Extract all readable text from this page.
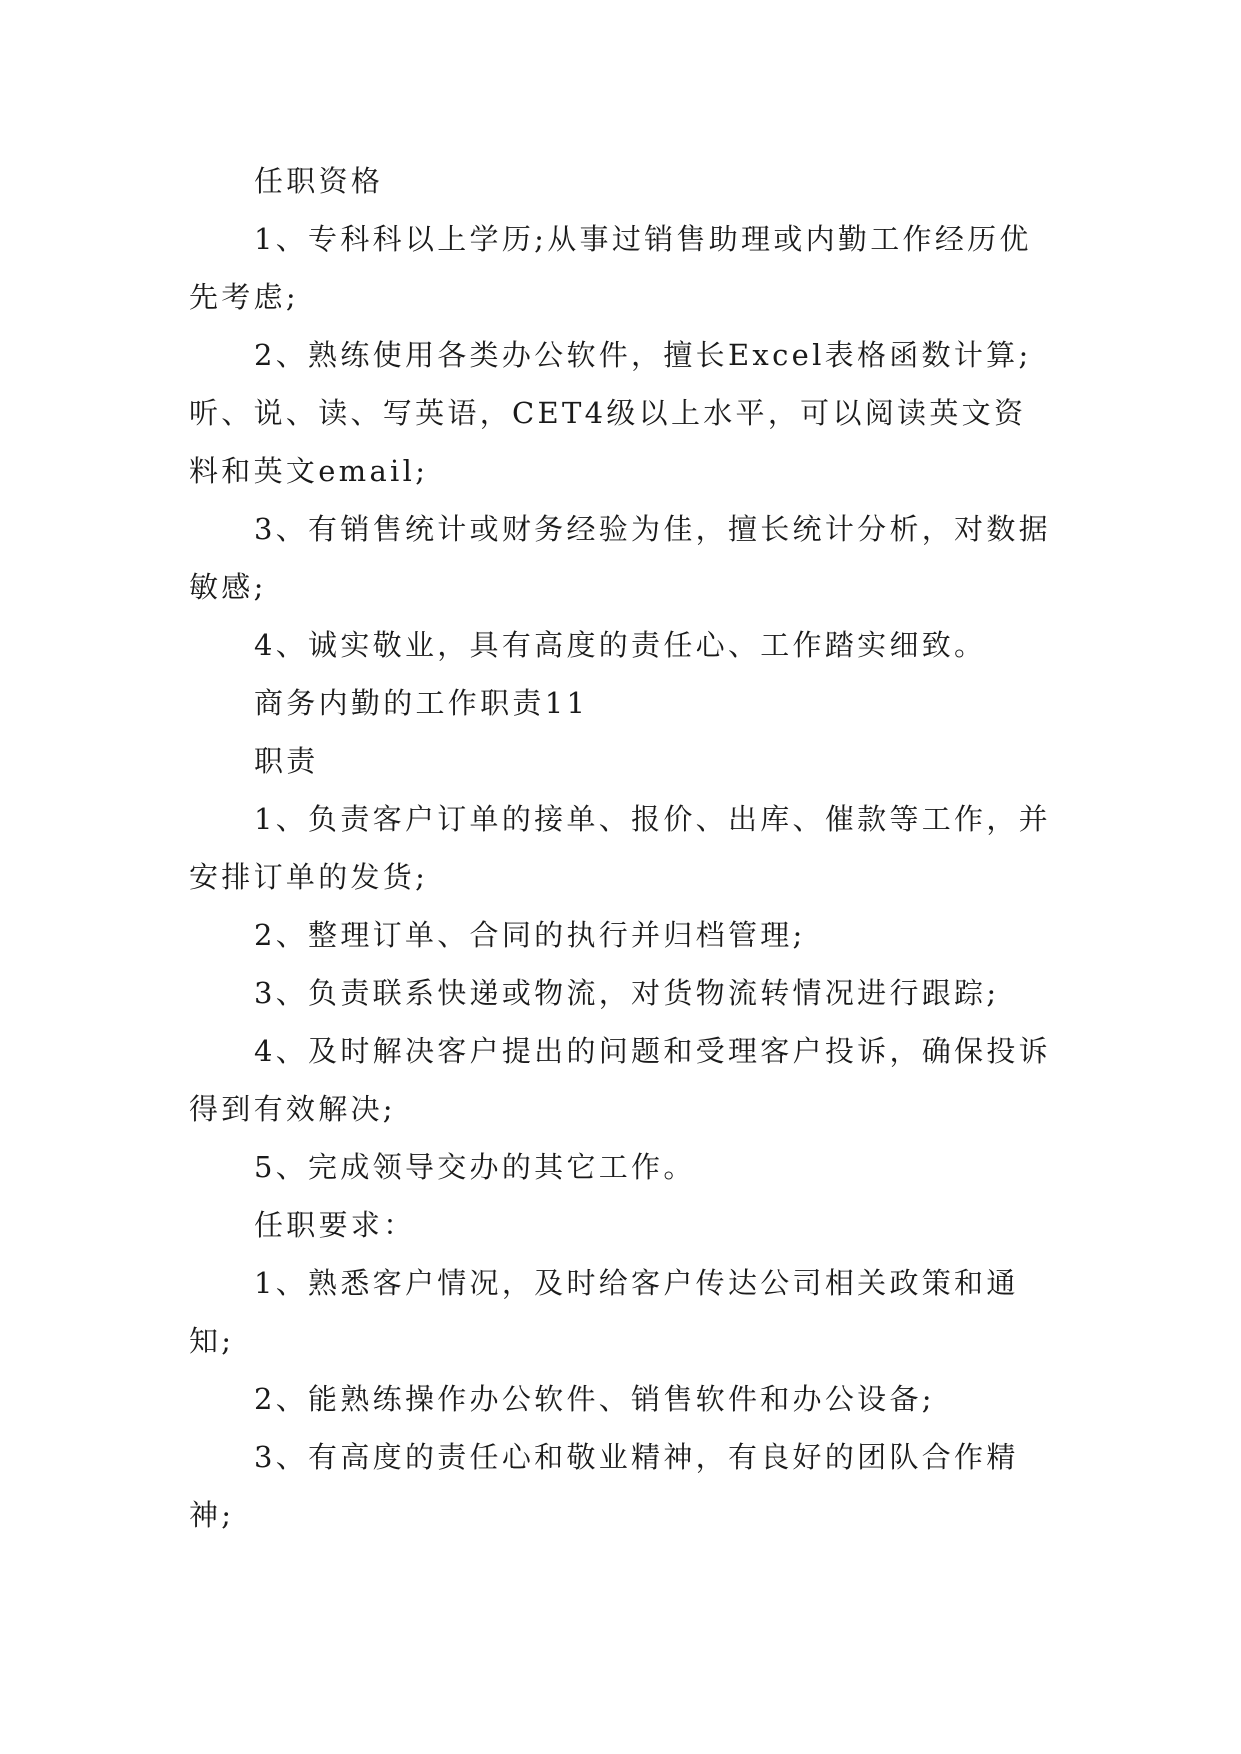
任职资格

1、专科科以上学历;从事过销售助理或内勤工作经历优先考虑;

2、熟练使用各类办公软件，擅长Excel表格函数计算;听、说、读、写英语，CET4级以上水平，可以阅读英文资料和英文email;

3、有销售统计或财务经验为佳，擅长统计分析，对数据敏感;

4、诚实敬业，具有高度的责任心、工作踏实细致。

商务内勤的工作职责11

职责

1、负责客户订单的接单、报价、出库、催款等工作，并安排订单的发货;

2、整理订单、合同的执行并归档管理;

3、负责联系快递或物流，对货物流转情况进行跟踪;

4、及时解决客户提出的问题和受理客户投诉，确保投诉得到有效解决;

5、完成领导交办的其它工作。

任职要求：

1、熟悉客户情况，及时给客户传达公司相关政策和通知;

2、能熟练操作办公软件、销售软件和办公设备;

3、有高度的责任心和敬业精神，有良好的团队合作精神;
